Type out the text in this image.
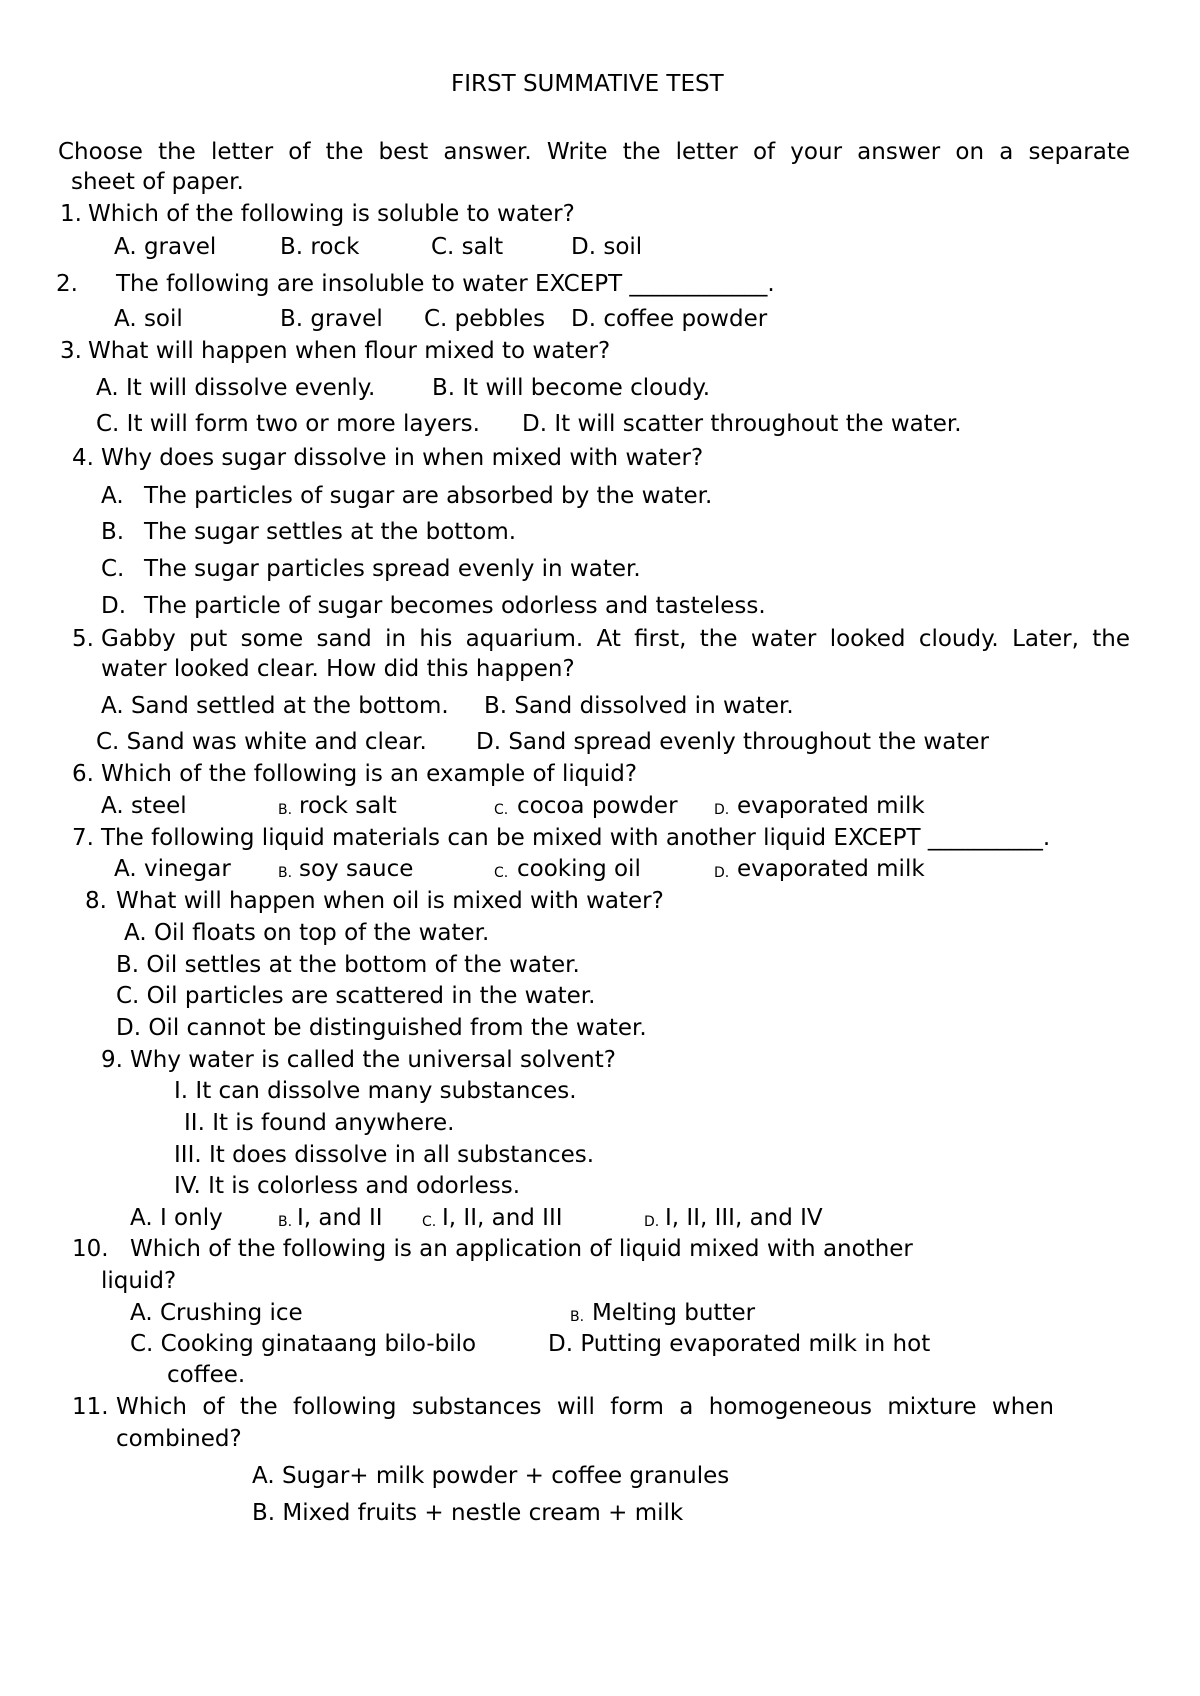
FIRST SUMMATIVE TEST
Choose the letter of the best answer. Write the letter of your answer on a separate
sheet of paper.
1. Which of the following is soluble to water?
A. gravel	B. rock	C. salt	D. soil
2. The following are insoluble to water EXCEPT ____________.
A. soil	B. gravel C. pebbles D. coffee powder
3. What will happen when flour mixed to water?
A. It will dissolve evenly. B. It will become cloudy.
C. It will form two or more layers. D. It will scatter throughout the water.
4. Why does sugar dissolve in when mixed with water?
A. The particles of sugar are absorbed by the water.
B. The sugar settles at the bottom.
C. The sugar particles spread evenly in water.
D. The particle of sugar becomes odorless and tasteless.
5. Gabby put some sand in his aquarium. At first, the water looked cloudy. Later, the
water looked clear. How did this happen?
A. Sand settled at the bottom. B. Sand dissolved in water.
C. Sand was white and clear. D. Sand spread evenly throughout the water
6. Which of the following is an example of liquid?
A. steel	B. rock salt	C. cocoa powder	D. evaporated milk
7. The following liquid materials can be mixed with another liquid EXCEPT __________.
A. vinegar	B. soy sauce	C. cooking oil	D. evaporated milk
8. What will happen when oil is mixed with water?
A. Oil floats on top of the water.
B. Oil settles at the bottom of the water.
C. Oil particles are scattered in the water.
D. Oil cannot be distinguished from the water.
9. Why water is called the universal solvent?
I. It can dissolve many substances.
II. It is found anywhere.
III. It does dissolve in all substances.
IV. It is colorless and odorless.
A. I only	B. I, and II	C. I, II, and III	D. I, II, III, and IV
10. Which of the following is an application of liquid mixed with another
liquid?
A. Crushing ice	B. Melting butter
C. Cooking ginataang bilo-bilo	D. Putting evaporated milk in hot
coffee.
11. Which of the following substances will form a homogeneous mixture when
combined?
A. Sugar+ milk powder + coffee granules
B. Mixed fruits + nestle cream + milk
